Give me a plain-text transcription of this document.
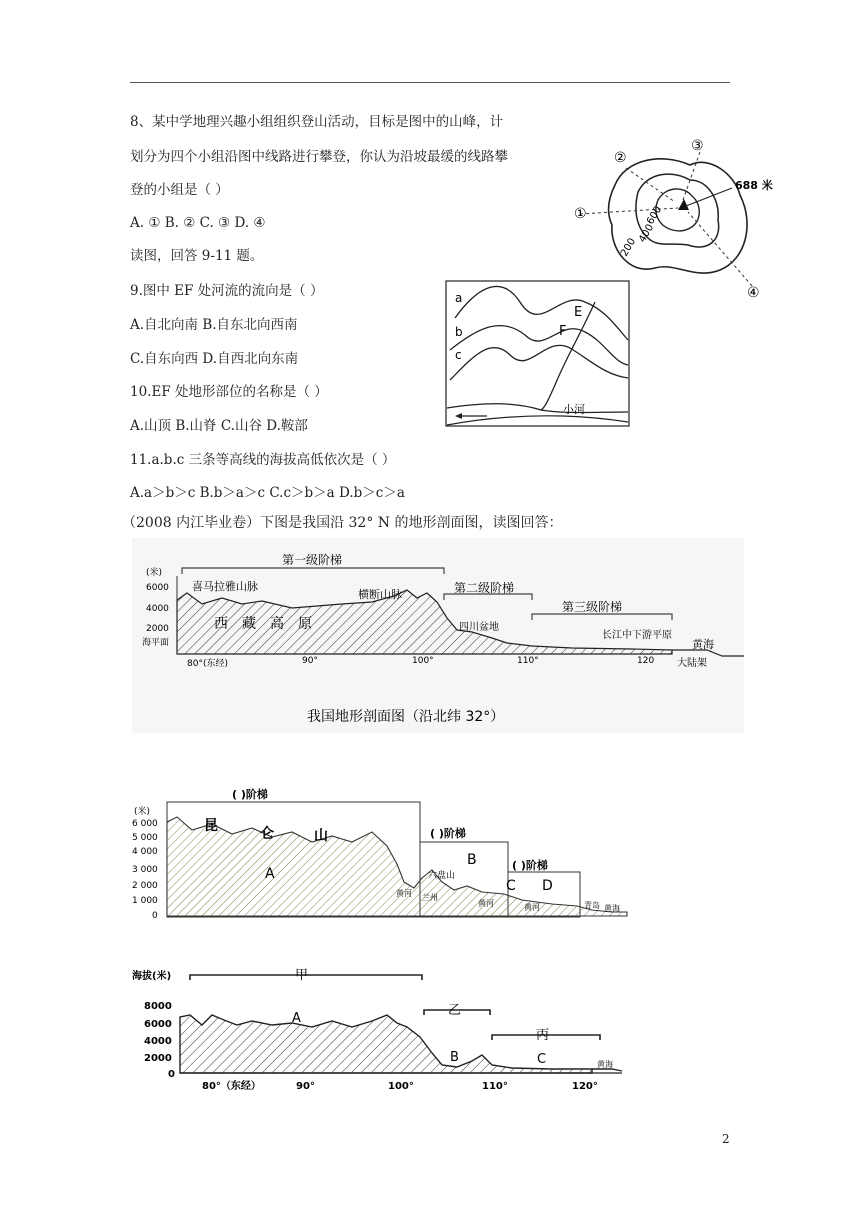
8、某中学地理兴趣小组组织登山活动，目标是图中的山峰，计
划分为四个小组沿图中线路进行攀登，你认为沿坡最缓的线路攀
登的小组是（ ）
A. ① B. ② C. ③ D. ④
读图，回答 9-11 题。
9.图中 EF 处河流的流向是（ ）
A.自北向南 B.自东北向西南
C.自东向西 D.自西北向东南
10.EF 处地形部位的名称是（ ）
A.山顶 B.山脊 C.山谷 D.鞍部
11.a.b.c 三条等高线的海拔高低依次是（ ）
A.a＞b＞c B.b＞a＞c C.c＞b＞a D.b＞c＞a
（2008 内江毕业卷）下图是我国沿 32° N 的地形剖面图，读图回答：
①
②
③
④
688 米
600
400
200
a
b
c
E
F
小河
第一级阶梯
第二级阶梯
第三级阶梯
(米)
6000
4000
2000
海平面
喜马拉雅山脉
横断山脉
西藏高原	四川盆地
长江中下游平原
黄海
大陆架
80°(东经)	90°	100°	110°	120
我国地形剖面图（沿北纬 32°）
(米)
6 000
5 000
4 000
3 000
2 000
1 000
0
( )阶梯
( )阶梯
( )阶梯
昆	仑	山
A
B
C D
六盘山
黄河 兰州
黄河	黄河	青岛 黄海
海拔(米)
8000
6000
4000
2000
0
甲
乙
丙
A
B	C	黄海
80°（东经）	90°	100°	110°	120°
2
